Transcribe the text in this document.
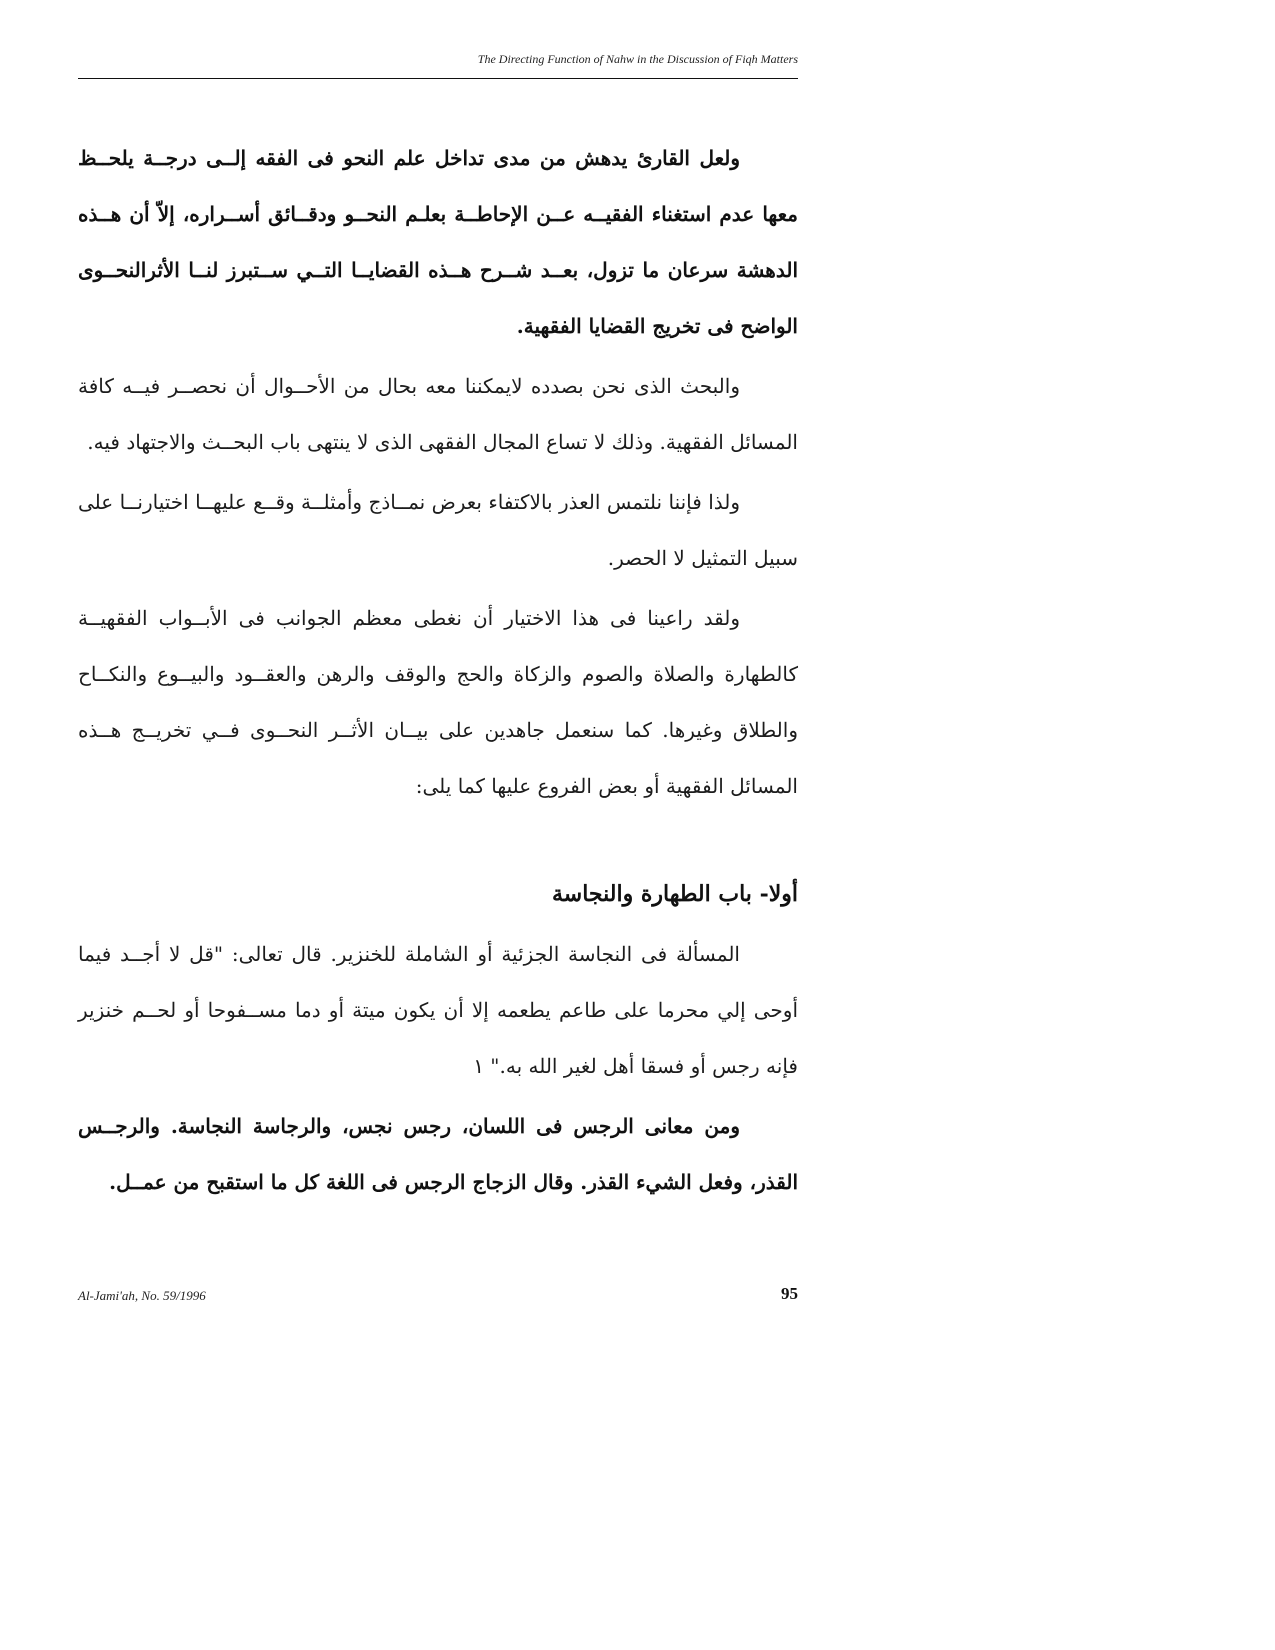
The Directing Function of Nahw in the Discussion of Fiqh Matters

ولعل القارئ يدهش من مدى تداخل علم النحو فى الفقه إلــى درجــة يلحــظ معها عدم استغناء الفقيــه عــن الإحاطــة بعلـم النحــو ودقــائق أســراره، إلاّ أن هــذه الدهشة سرعان ما تزول، بعــد شــرح هــذه القضايــا التــي ســتبرز لنــا الأثرالنحــوى الواضح فى تخريج القضايا الفقهية.

والبحث الذى نحن بصدده لايمكننا معه بحال من الأحــوال أن نحصــر فيــه كافة المسائل الفقهية. وذلك لا تساع المجال الفقهى الذى لا ينتهى باب البحــث والاجتهاد فيه.

ولذا فإننا نلتمس العذر بالاكتفاء بعرض نمــاذج وأمثلــة وقــع عليهــا اختيارنــا على سبيل التمثيل لا الحصر.

ولقد راعينا فى هذا الاختيار أن نغطى معظم الجوانب فى الأبــواب الفقهيــة كالطهارة والصلاة والصوم والزكاة والحج والوقف والرهن والعقــود والبيــوع والنكــاح والطلاق وغيرها. كما سنعمل جاهدين على بيــان الأثــر النحــوى فــي تخريــج هــذه المسائل الفقهية أو بعض الفروع عليها كما يلى:

أولا- باب الطهارة والنجاسة

المسألة فى النجاسة الجزئية أو الشاملة للخنزير. قال تعالى: "قل لا أجــد فيما أوحى إلي محرما على طاعم يطعمه إلا أن يكون ميتة أو دما مســفوحا أو لحــم خنزير فإنه رجس أو فسقا أهل لغير الله به." ١

ومن معانى الرجس فى اللسان، رجس نجس، والرجاسة النجاسة. والرجــس القذر، وفعل الشيء القذر. وقال الزجاج الرجس فى اللغة كل ما استقبح من عمــل.

Al-Jami'ah, No. 59/1996	95
